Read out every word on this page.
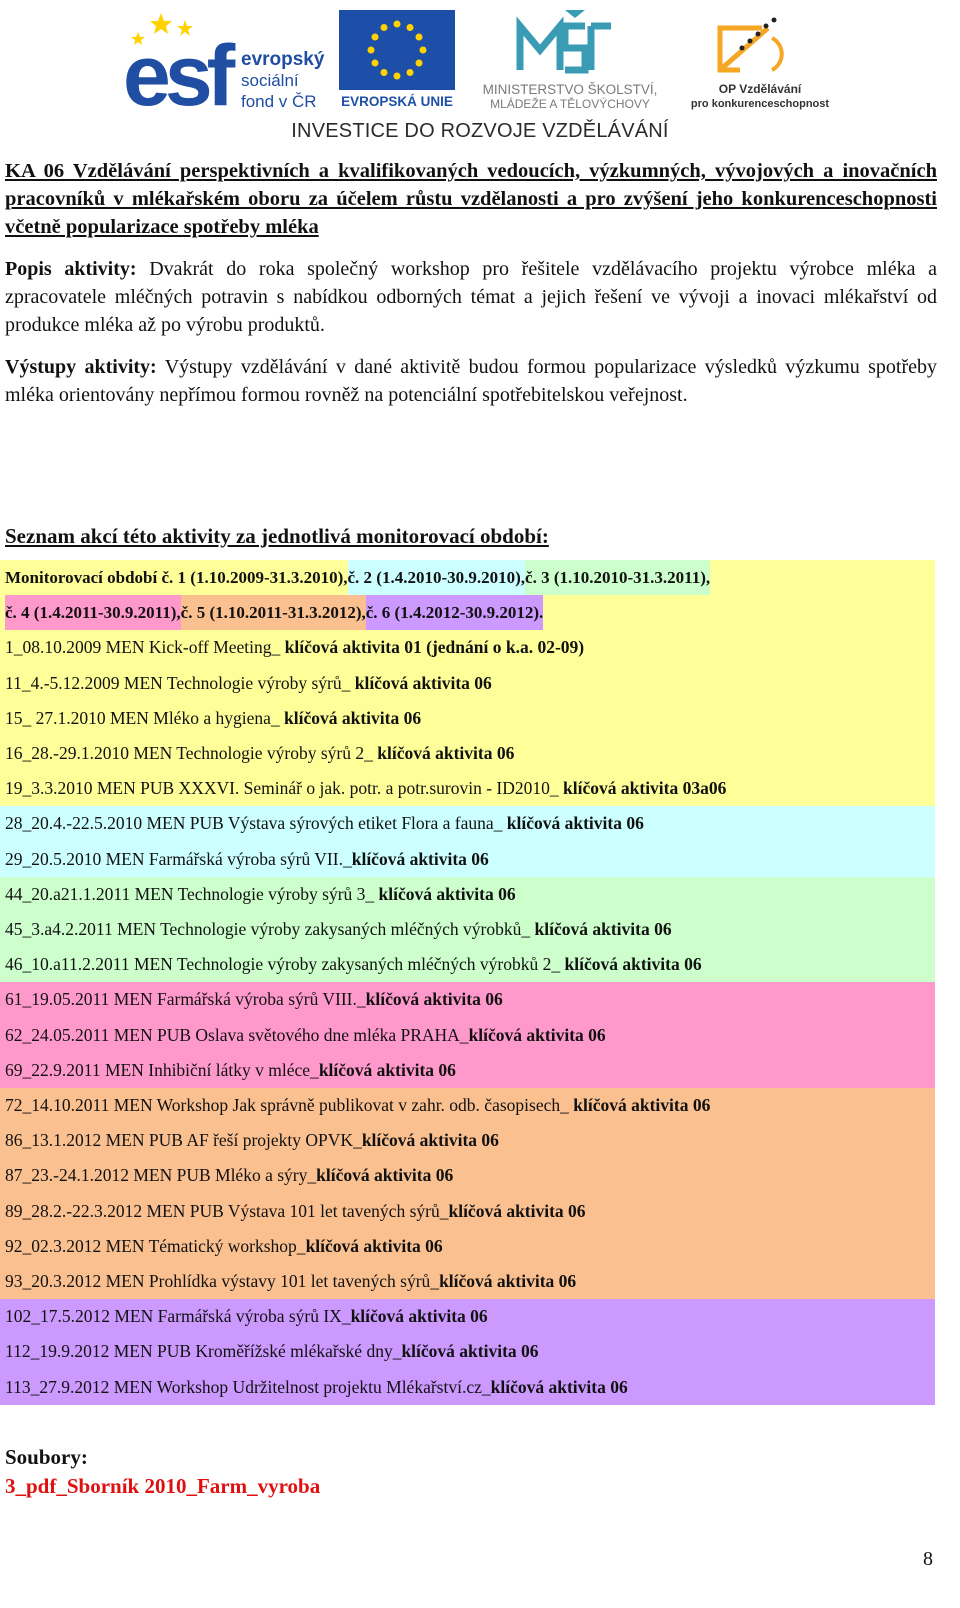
esf evropský
sociální
fond v ČR EVROPSKÁ UNIE
MINISTERSTVO ŠKOLSTVÍ,
MLÁDEŽE A TĚLOVÝCHOVY
OP Vzdělávání
pro konkurenceschopnost
INVESTICE DO ROZVOJE VZDĚLÁVÁNÍ

KA 06 Vzdělávání perspektivních a kvalifikovaných vedoucích, výzkumných, vývojových a inovačních pracovníků v mlékařském oboru za účelem růstu vzdělanosti a pro zvýšení jeho konkurenceschopnosti včetně popularizace spotřeby mléka

Popis aktivity: Dvakrát do roka společný workshop pro řešitele vzdělávacího projektu výrobce mléka a zpracovatele mléčných potravin s nabídkou odborných témat a jejich řešení ve vývoji a inovaci mlékařství od produkce mléka až po výrobu produktů.

Výstupy aktivity: Výstupy vzdělávání v dané aktivitě budou formou popularizace výsledků výzkumu spotřeby mléka orientovány nepřímou formou rovněž na potenciální spotřebitelskou veřejnost.

Seznam akcí této aktivity za jednotlivá monitorovací období:

Monitorovací období č. 1 (1.10.2009-31.3.2010),č. 2 (1.4.2010-30.9.2010),č. 3 (1.10.2010-31.3.2011),
č. 4 (1.4.2011-30.9.2011),č. 5 (1.10.2011-31.3.2012),č. 6 (1.4.2012-30.9.2012).
1_08.10.2009 MEN Kick-off Meeting_ klíčová aktivita 01 (jednání o k.a. 02-09)
11_4.-5.12.2009 MEN Technologie výroby sýrů_ klíčová aktivita 06
15_ 27.1.2010 MEN Mléko a hygiena_ klíčová aktivita 06
16_28.-29.1.2010 MEN Technologie výroby sýrů 2_ klíčová aktivita 06
19_3.3.2010 MEN PUB XXXVI. Seminář o jak. potr. a potr.surovin - ID2010_ klíčová aktivita 03a06
28_20.4.-22.5.2010 MEN PUB Výstava sýrových etiket Flora a fauna_ klíčová aktivita 06
29_20.5.2010 MEN Farmářská výroba sýrů VII._klíčová aktivita 06
44_20.a21.1.2011 MEN Technologie výroby sýrů 3_ klíčová aktivita 06
45_3.a4.2.2011 MEN Technologie výroby zakysaných mléčných výrobků_ klíčová aktivita 06
46_10.a11.2.2011 MEN Technologie výroby zakysaných mléčných výrobků 2_ klíčová aktivita 06
61_19.05.2011 MEN Farmářská výroba sýrů VIII._klíčová aktivita 06
62_24.05.2011 MEN PUB Oslava světového dne mléka PRAHA_klíčová aktivita 06
69_22.9.2011 MEN Inhibiční látky v mléce_klíčová aktivita 06
72_14.10.2011 MEN Workshop Jak správně publikovat v zahr. odb. časopisech_ klíčová aktivita 06
86_13.1.2012 MEN PUB AF řeší projekty OPVK_klíčová aktivita 06
87_23.-24.1.2012 MEN PUB Mléko a sýry_klíčová aktivita 06
89_28.2.-22.3.2012 MEN PUB Výstava 101 let tavených sýrů_klíčová aktivita 06
92_02.3.2012 MEN Tématický workshop_klíčová aktivita 06
93_20.3.2012 MEN Prohlídka výstavy 101 let tavených sýrů_klíčová aktivita 06
102_17.5.2012 MEN Farmářská výroba sýrů IX_klíčová aktivita 06
112_19.9.2012 MEN PUB Kroměřížské mlékařské dny_klíčová aktivita 06
113_27.9.2012 MEN Workshop Udržitelnost projektu Mlékařství.cz_klíčová aktivita 06
Soubory:
3_pdf_Sborník 2010_Farm_vyroba
8
